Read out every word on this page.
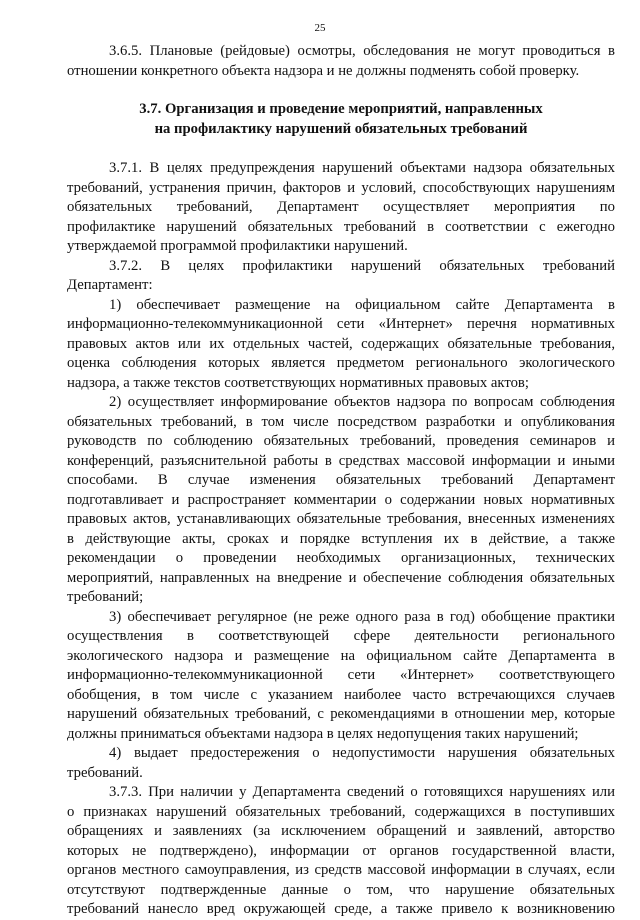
25

3.6.5. Плановые (рейдовые) осмотры, обследования не могут проводиться в
отношении конкретного объекта надзора и не должны подменять собой проверку.

3.7. Организация и проведение мероприятий, направленных
на профилактику нарушений обязательных требований

3.7.1. В целях предупреждения нарушений объектами надзора обязательных
требований, устранения причин, факторов и условий, способствующих нарушениям
обязательных требований, Департамент осуществляет мероприятия по
профилактике нарушений обязательных требований в соответствии с ежегодно
утверждаемой программой профилактики нарушений.

3.7.2. В целях профилактики нарушений обязательных требований
Департамент:

1) обеспечивает размещение на официальном сайте Департамента в
информационно-телекоммуникационной сети «Интернет» перечня нормативных
правовых актов или их отдельных частей, содержащих обязательные требования,
оценка соблюдения которых является предметом регионального экологического
надзора, а также текстов соответствующих нормативных правовых актов;

2) осуществляет информирование объектов надзора по вопросам соблюдения
обязательных требований, в том числе посредством разработки и опубликования
руководств по соблюдению обязательных требований, проведения семинаров и
конференций, разъяснительной работы в средствах массовой информации и иными
способами. В случае изменения обязательных требований Департамент
подготавливает и распространяет комментарии о содержании новых нормативных
правовых актов, устанавливающих обязательные требования, внесенных изменениях
в действующие акты, сроках и порядке вступления их в действие, а также
рекомендации о проведении необходимых организационных, технических
мероприятий, направленных на внедрение и обеспечение соблюдения обязательных
требований;

3) обеспечивает регулярное (не реже одного раза в год) обобщение практики
осуществления в соответствующей сфере деятельности регионального
экологического надзора и размещение на официальном сайте Департамента в
информационно-телекоммуникационной сети «Интернет» соответствующего
обобщения, в том числе с указанием наиболее часто встречающихся случаев
нарушений обязательных требований, с рекомендациями в отношении мер, которые
должны приниматься объектами надзора в целях недопущения таких нарушений;

4) выдает предостережения о недопустимости нарушения обязательных
требований.

3.7.3. При наличии у Департамента сведений о готовящихся нарушениях или
о признаках нарушений обязательных требований, содержащихся в поступивших
обращениях и заявлениях (за исключением обращений и заявлений, авторство
которых не подтверждено), информации от органов государственной власти,
органов местного самоуправления, из средств массовой информации в случаях, если
отсутствуют подтвержденные данные о том, что нарушение обязательных
требований нанесло вред окружающей среде, а также привело к возникновению
